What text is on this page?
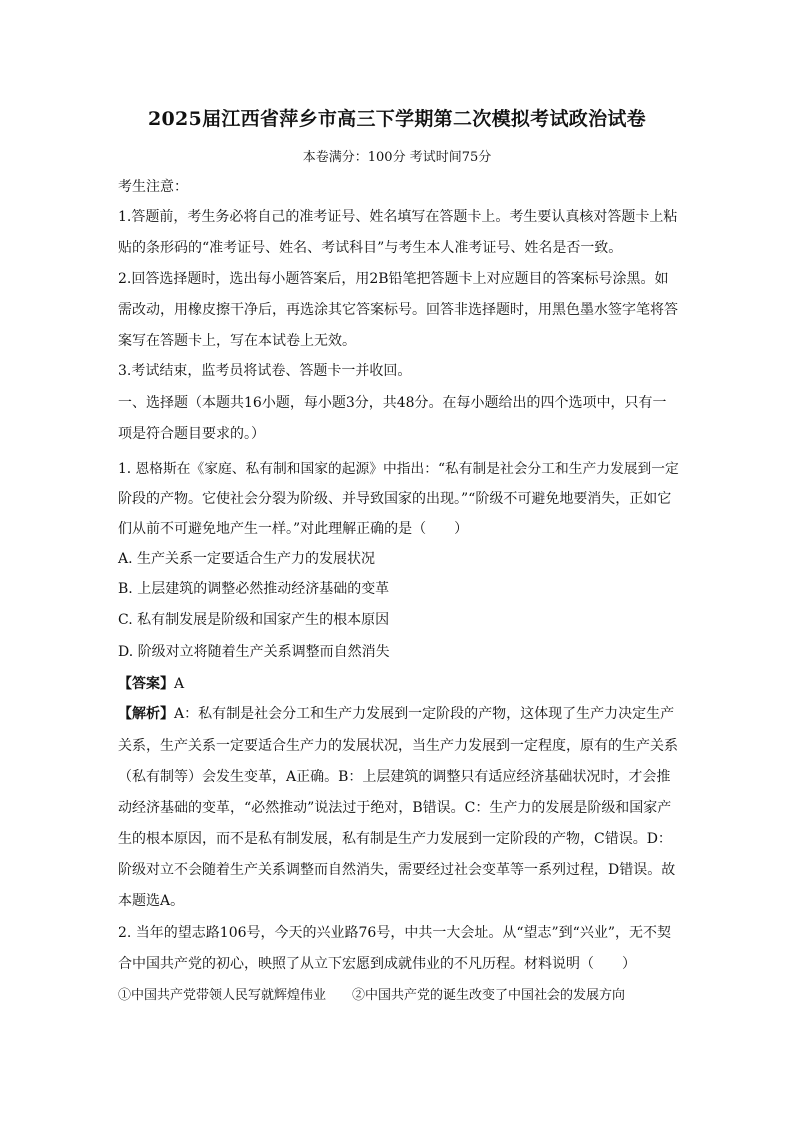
2025届江西省萍乡市高三下学期第二次模拟考试政治试卷
本卷满分：100分 考试时间75分
考生注意：
1.答题前，考生务必将自己的准考证号、姓名填写在答题卡上。考生要认真核对答题卡上粘
贴的条形码的“准考证号、姓名、考试科目”与考生本人准考证号、姓名是否一致。
2.回答选择题时，选出每小题答案后，用2B铅笔把答题卡上对应题目的答案标号涂黑。如
需改动，用橡皮擦干净后，再选涂其它答案标号。回答非选择题时，用黑色墨水签字笔将答
案写在答题卡上，写在本试卷上无效。
3.考试结束，监考员将试卷、答题卡一并收回。
一、选择题（本题共16小题，每小题3分，共48分。在每小题给出的四个选项中，只有一
项是符合题目要求的。）
1. 恩格斯在《家庭、私有制和国家的起源》中指出：“私有制是社会分工和生产力发展到一定
阶段的产物。它使社会分裂为阶级、并导致国家的出现。”“阶级不可避免地要消失，正如它
们从前不可避免地产生一样。”对此理解正确的是（　　）
A. 生产关系一定要适合生产力的发展状况
B. 上层建筑的调整必然推动经济基础的变革
C. 私有制发展是阶级和国家产生的根本原因
D. 阶级对立将随着生产关系调整而自然消失
【答案】A
【解析】A：私有制是社会分工和生产力发展到一定阶段的产物，这体现了生产力决定生产
关系，生产关系一定要适合生产力的发展状况，当生产力发展到一定程度，原有的生产关系
（私有制等）会发生变革，A正确。B：上层建筑的调整只有适应经济基础状况时，才会推
动经济基础的变革，“必然推动”说法过于绝对，B错误。C：生产力的发展是阶级和国家产
生的根本原因，而不是私有制发展，私有制是生产力发展到一定阶段的产物，C错误。D：
阶级对立不会随着生产关系调整而自然消失，需要经过社会变革等一系列过程，D错误。故
本题选A。
2. 当年的望志路106号，今天的兴业路76号，中共一大会址。从“望志”到“兴业”，无不契
合中国共产党的初心，映照了从立下宏愿到成就伟业的不凡历程。材料说明（　　）
①中国共产党带领人民写就辉煌伟业　　②中国共产党的诞生改变了中国社会的发展方向
